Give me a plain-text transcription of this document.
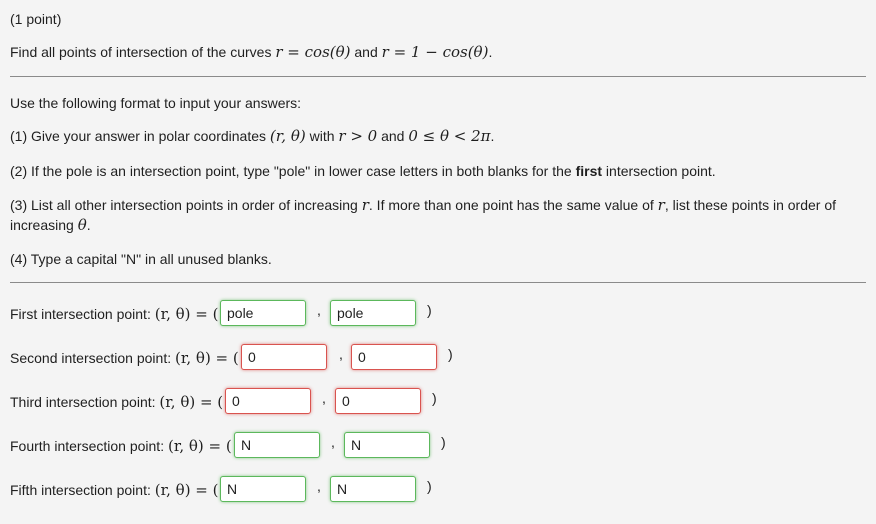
(1 point)
Find all points of intersection of the curves r = cos(θ) and r = 1 − cos(θ).
Use the following format to input your answers:
(1) Give your answer in polar coordinates (r, θ) with r > 0 and 0 ≤ θ < 2π.
(2) If the pole is an intersection point, type "pole" in lower case letters in both blanks for the first intersection point.
(3) List all other intersection points in order of increasing r. If more than one point has the same value of r, list these points in order of increasing θ.
(4) Type a capital "N" in all unused blanks.
First intersection point: (r, θ) = (
pole	,
pole	)
Second intersection point: (r, θ) = (
0	,
0	)
Third intersection point: (r, θ) = (
0	,
0	)
Fourth intersection point: (r, θ) = (
N	,
N	)
Fifth intersection point: (r, θ) = (
N	,
N	)
